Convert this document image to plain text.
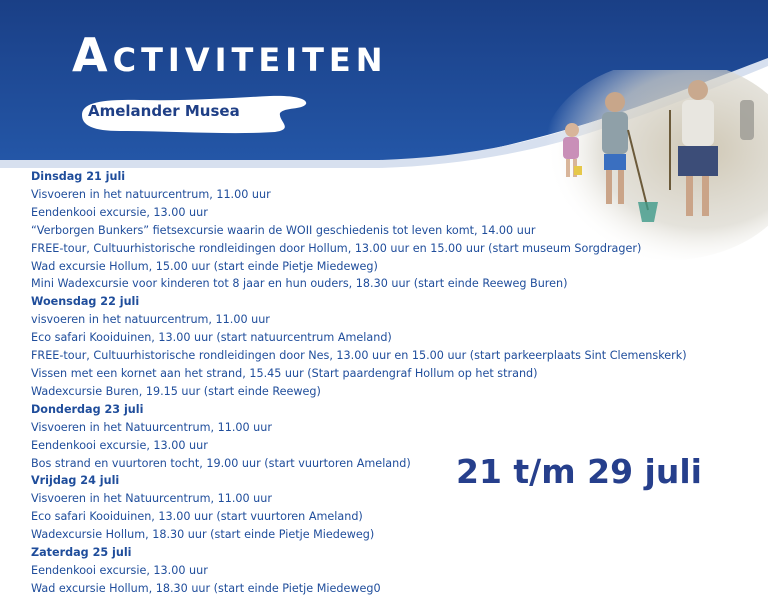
Activiteiten
Amelander Musea
Dinsdag 21 juli
Visvoeren in het natuurcentrum, 11.00 uur
Eendenkooi excursie, 13.00 uur
“Verborgen Bunkers” fietsexcursie waarin de WOII geschiedenis tot leven komt, 14.00 uur
FREE-tour, Cultuurhistorische rondleidingen door Hollum, 13.00 uur en 15.00 uur (start museum Sorgdrager)
Wad excursie Hollum, 15.00 uur (start einde Pietje Miedeweg)
Mini Wadexcursie voor kinderen tot 8 jaar en hun ouders, 18.30 uur (start einde Reeweg Buren)
Woensdag 22 juli
visvoeren in het natuurcentrum, 11.00 uur
Eco safari Kooiduinen, 13.00 uur (start natuurcentrum Ameland)
FREE-tour, Cultuurhistorische rondleidingen door Nes, 13.00 uur en 15.00 uur (start parkeerplaats Sint Clemenskerk)
Vissen met een kornet aan het strand, 15.45 uur (Start paardengraf Hollum op het strand)
Wadexcursie Buren, 19.15 uur (start einde Reeweg)
Donderdag 23 juli
Visvoeren in het Natuurcentrum, 11.00 uur
Eendenkooi excursie, 13.00 uur
Bos strand en vuurtoren tocht, 19.00 uur (start vuurtoren Ameland)
Vrijdag 24 juli
Visvoeren in het Natuurcentrum, 11.00 uur
Eco safari Kooiduinen, 13.00 uur (start vuurtoren Ameland)
Wadexcursie Hollum, 18.30 uur (start einde Pietje Miedeweg)
Zaterdag 25 juli
Eendenkooi excursie, 13.00 uur
Wad excursie Hollum, 18.30 uur (start einde Pietje Miedeweg0
21 t/m 29 juli
